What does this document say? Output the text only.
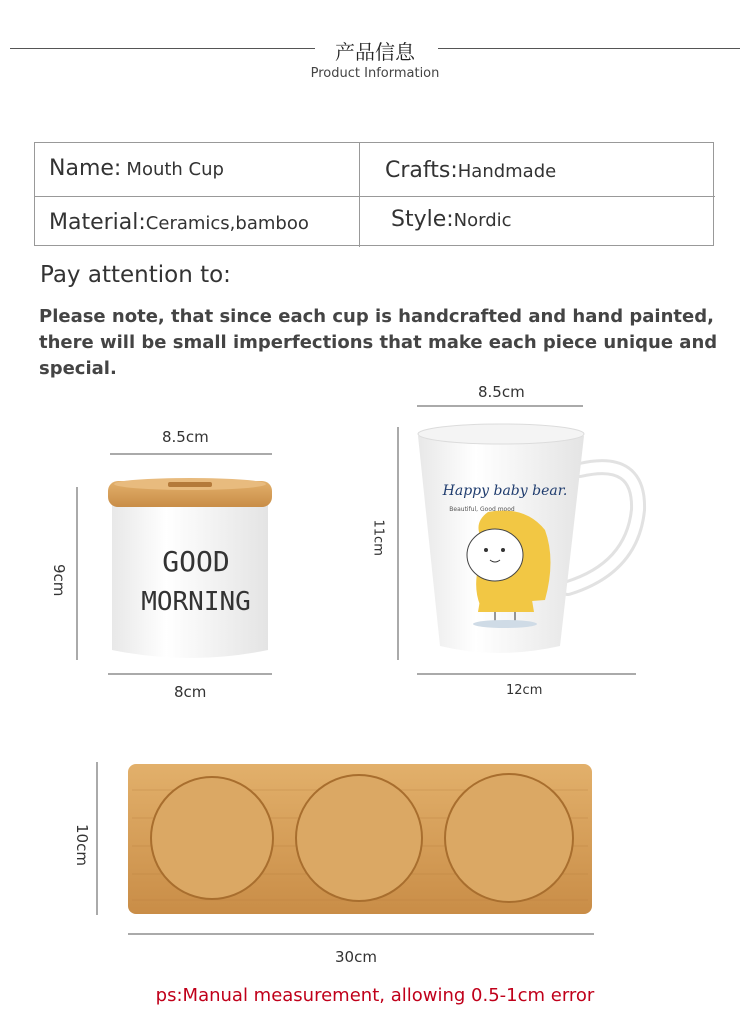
产品信息
Product Information
Name: Mouth Cup	Crafts:Handmade
Material:Ceramics,bamboo	Style:Nordic
Pay attention to:
Please note, that since each cup is handcrafted and hand painted, there will be small imperfections that make each piece unique and special.
GOOD
MORNING
Happy baby bear.
Beautiful, Good mood
8.5cm
9cm
8cm
8.5cm
11cm
12cm
10cm
30cm
ps:Manual measurement, allowing 0.5-1cm error
